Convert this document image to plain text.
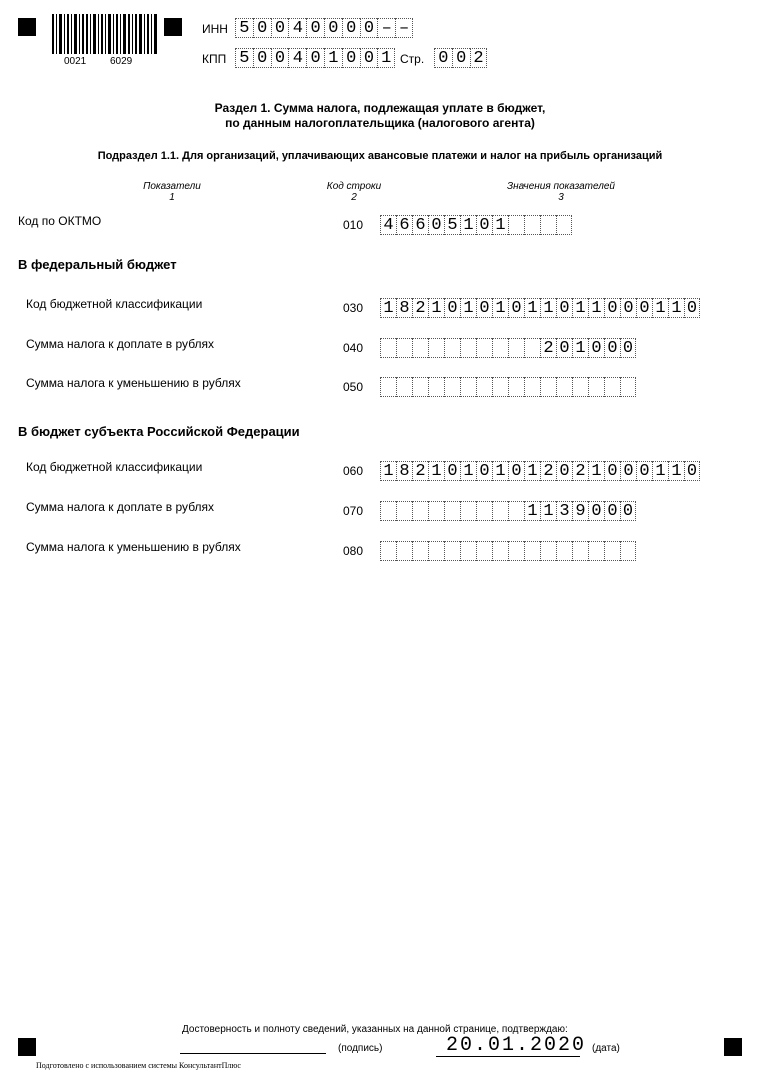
0021 6029
ИНН 5 0 0 4 0 0 0 0 – –
КПП 5 0 0 4 0 1 0 0 1 Стр. 0 0 2
Раздел 1. Сумма налога, подлежащая уплате в бюджет,
по данным налогоплательщика (налогового агента)
Подраздел 1.1. Для организаций, уплачивающих авансовые платежи и налог на прибыль организаций
Показатели
1
Код строки
2
Значения показателей
3
Код по ОКТМО	010 4 6 6 0 5 1 0 1
В федеральный бюджет
Код бюджетной классификации	030 1 8 2 1 0 1 0 1 0 1 1 0 1 1 0 0 0 1 1 0
Сумма налога к доплате в рублях	040	2 0 1 0 0 0
Сумма налога к уменьшению в рублях	050
В бюджет субъекта Российской Федерации
Код бюджетной классификации	060 1 8 2 1 0 1 0 1 0 1 2 0 2 1 0 0 0 1 1 0
Сумма налога к доплате в рублях	070	1 1 3 9 0 0 0
Сумма налога к уменьшению в рублях	080
Достоверность и полноту сведений, указанных на данной странице, подтверждаю:
(подпись)	20.01.2020 (дата)
Подготовлено с использованием системы КонсультантПлюс
